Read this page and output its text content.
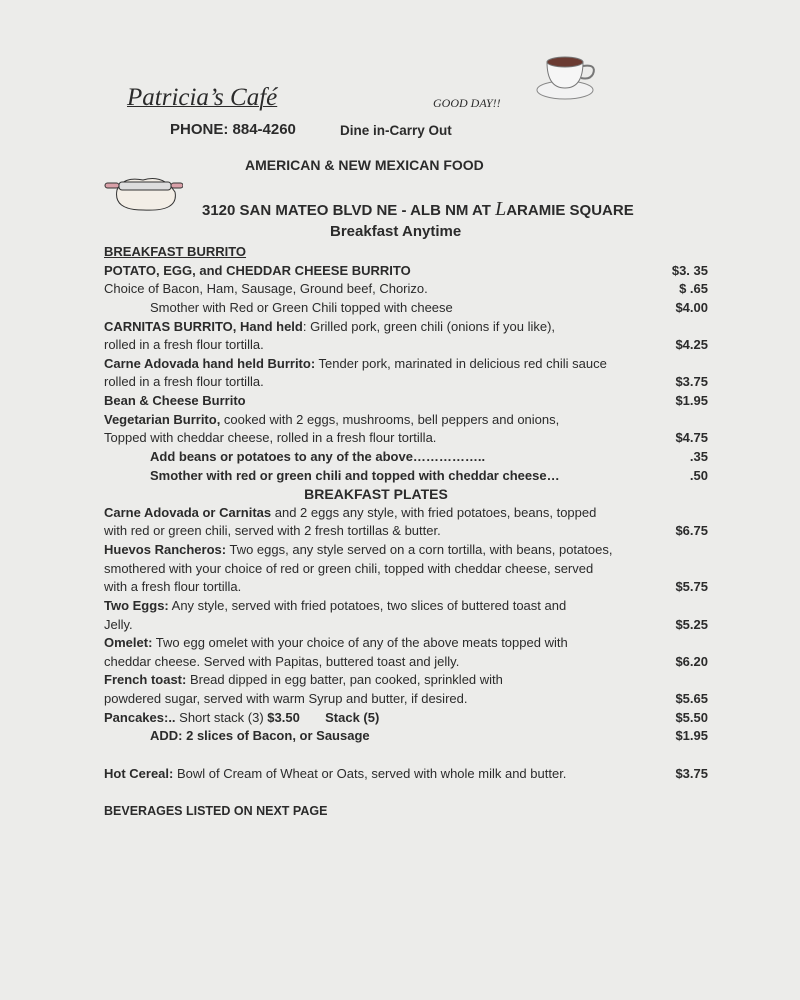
Patricia’s Café	GOOD DAY!!
PHONE: 884-4260	Dine in-Carry Out
AMERICAN & NEW MEXICAN FOOD
3120 SAN MATEO BLVD NE - ALB NM AT LARAMIE SQUARE
Breakfast Anytime
BREAKFAST BURRITO
POTATO, EGG, and CHEDDAR CHEESE BURRITO	$3. 35
Choice of Bacon, Ham, Sausage, Ground beef, Chorizo.	$ .65
Smother with Red or Green Chili topped with cheese	$4.00
CARNITAS BURRITO, Hand held: Grilled pork, green chili (onions if you like),
rolled in a fresh flour tortilla.	$4.25
Carne Adovada hand held Burrito: Tender pork, marinated in delicious red chili sauce
rolled in a fresh flour tortilla.	$3.75
Bean & Cheese Burrito	$1.95
Vegetarian Burrito, cooked with 2 eggs, mushrooms, bell peppers and onions,
Topped with cheddar cheese, rolled in a fresh flour tortilla.	$4.75
Add beans or potatoes to any of the above……………..	.35
Smother with red or green chili and topped with cheddar cheese…	.50
BREAKFAST PLATES
Carne Adovada or Carnitas and 2 eggs any style, with fried potatoes, beans, topped
with red or green chili, served with 2 fresh tortillas & butter.	$6.75
Huevos Rancheros: Two eggs, any style served on a corn tortilla, with beans, potatoes,
smothered with your choice of red or green chili, topped with cheddar cheese, served
with a fresh flour tortilla.	$5.75
Two Eggs: Any style, served with fried potatoes, two slices of buttered toast and
Jelly.	$5.25
Omelet: Two egg omelet with your choice of any of the above meats topped with
cheddar cheese. Served with Papitas, buttered toast and jelly.	$6.20
French toast: Bread dipped in egg batter, pan cooked, sprinkled with
powdered sugar, served with warm Syrup and butter, if desired.	$5.65
Pancakes:.. Short stack (3) $3.50       Stack (5)	$5.50
ADD: 2 slices of Bacon, or Sausage	$1.95
Hot Cereal: Bowl of Cream of Wheat or Oats, served with whole milk and butter.	$3.75
BEVERAGES LISTED ON NEXT PAGE
